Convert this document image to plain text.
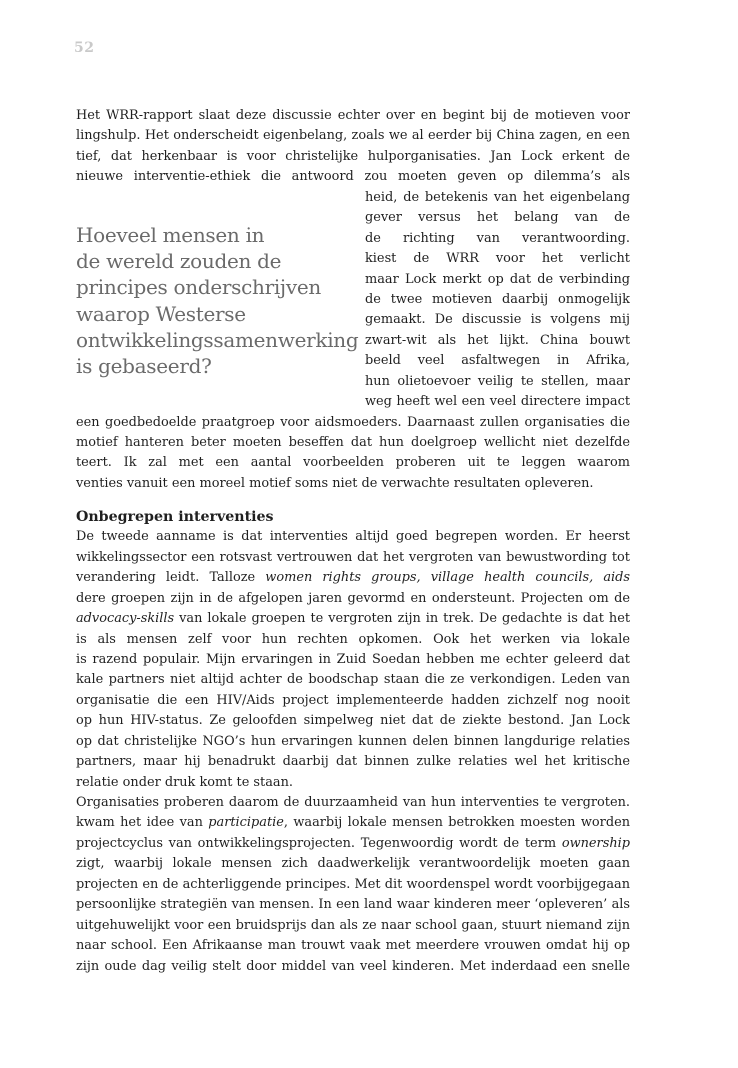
52
Hoeveel mensen in
de wereld zouden de
principes onderschrijven
waarop Westerse
ontwikkelingssamenwerking
is gebaseerd?
Het WRR-rapport slaat deze discussie echter over en begint bij de motieven voor
lingshulp. Het onderscheidt eigenbelang, zoals we al eerder bij China zagen, en een
tief, dat herkenbaar is voor christelijke hulporganisaties. Jan Lock erkent de
nieuwe interventie-ethiek die antwoord zou moeten geven op dilemma’s als
heid, de betekenis van het eigenbelang
gever versus het belang van de
de richting van verantwoording.
kiest de WRR voor het verlicht
maar Lock merkt op dat de verbinding
de twee motieven daarbij onmogelijk
gemaakt. De discussie is volgens mij
zwart-wit als het lijkt. China bouwt
beeld veel asfaltwegen in Afrika,
hun olietoevoer veilig te stellen, maar
weg heeft wel een veel directere impact
een goedbedoelde praatgroep voor aidsmoeders. Daarnaast zullen organisaties die
motief hanteren beter moeten beseffen dat hun doelgroep wellicht niet dezelfde
teert. Ik zal met een aantal voorbeelden proberen uit te leggen waarom
venties vanuit een moreel motief soms niet de verwachte resultaten opleveren.
Onbegrepen interventies
De tweede aanname is dat interventies altijd goed begrepen worden. Er heerst
wikkelingssector een rotsvast vertrouwen dat het vergroten van bewustwording tot
verandering leidt. Talloze women rights groups, village health councils, aids
dere groepen zijn in de afgelopen jaren gevormd en ondersteunt. Projecten om de
advocacy-skills van lokale groepen te vergroten zijn in trek. De gedachte is dat het
is als mensen zelf voor hun rechten opkomen. Ook het werken via lokale
is razend populair. Mijn ervaringen in Zuid Soedan hebben me echter geleerd dat
kale partners niet altijd achter de boodschap staan die ze verkondigen. Leden van
organisatie die een HIV/Aids project implementeerde hadden zichzelf nog nooit
op hun HIV-status. Ze geloofden simpelweg niet dat de ziekte bestond. Jan Lock
op dat christelijke NGO’s hun ervaringen kunnen delen binnen langdurige relaties
partners, maar hij benadrukt daarbij dat binnen zulke relaties wel het kritische
relatie onder druk komt te staan.
Organisaties proberen daarom de duurzaamheid van hun interventies te vergroten.
kwam het idee van participatie, waarbij lokale mensen betrokken moesten worden
projectcyclus van ontwikkelingsprojecten. Tegenwoordig wordt de term ownership
zigt, waarbij lokale mensen zich daadwerkelijk verantwoordelijk moeten gaan
projecten en de achterliggende principes. Met dit woordenspel wordt voorbijgegaan
persoonlijke strategiën van mensen. In een land waar kinderen meer ‘opleveren’ als
uitgehuwelijkt voor een bruidsprijs dan als ze naar school gaan, stuurt niemand zijn
naar school. Een Afrikaanse man trouwt vaak met meerdere vrouwen omdat hij op
zijn oude dag veilig stelt door middel van veel kinderen. Met inderdaad een snelle
